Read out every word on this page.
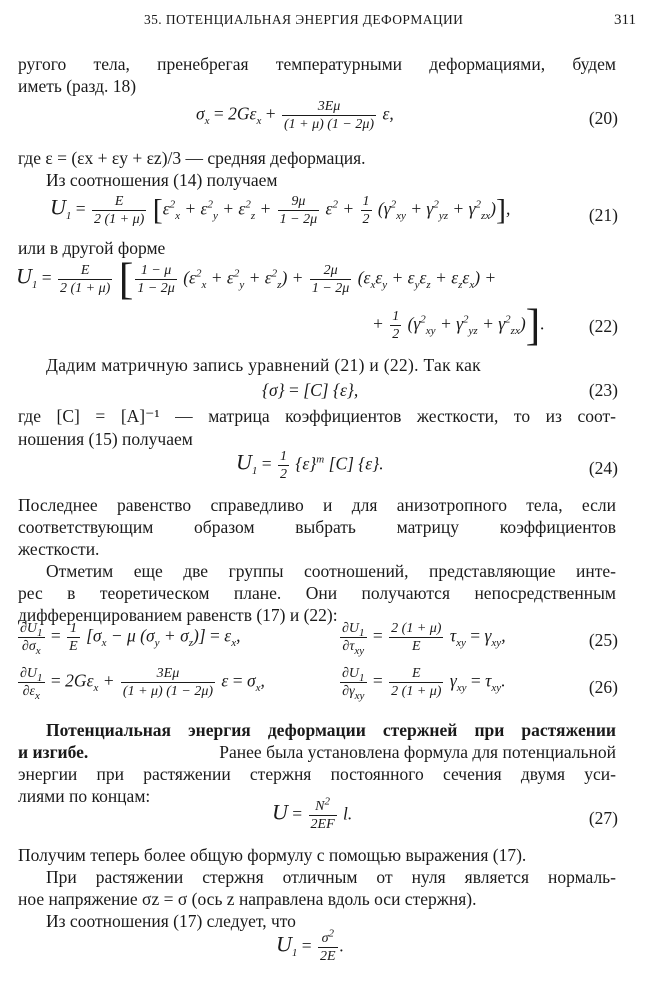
35. ПОТЕНЦИАЛЬНАЯ ЭНЕРГИЯ ДЕФОРМАЦИИ	311
ругого тела, пренебрегая температурными деформациями, будем
иметь (разд. 18)
$\sigma_x = 2G\varepsilon_x + \frac{3E\mu}{(1 + \mu) (1 - 2\mu)} \varepsilon$,	(20)
где ε = (εx + εy + εz)/3 — средняя деформация.
Из соотношения (14) получаем
$U_1 = \frac{E}{2 (1 + \mu)} [\varepsilon^2_x + \varepsilon^2_y + \varepsilon^2_z + \frac{9\mu}{1 - 2\mu} \varepsilon^2 + \frac{1}{2} (\gamma^2_{xy} + \gamma^2_{yz} + \gamma^2_{zx})]$,	(21)
или в другой форме
$U_1 = \frac{E}{2 (1 + \mu)}$ [ $\frac{1 - \mu}{1 - 2\mu} (\varepsilon^2_x + \varepsilon^2_y + \varepsilon^2_z) + \frac{2\mu}{1 - 2\mu} (\varepsilon_x\varepsilon_y + \varepsilon_y\varepsilon_z + \varepsilon_z\varepsilon_x)$ +
+ $\frac{1}{2} (\gamma^2_{xy} + \gamma^2_{yz} + \gamma^2_{zx})$].	(22)
Дадим матричную запись уравнений (21) и (22). Так как
{σ} = [C] {ε},	(23)
где [C] = [A]⁻¹ — матрица коэффициентов жесткости, то из соот-
ношения (15) получаем
$U_1 = \frac{1}{2} \{\varepsilon\}^т$ [C] {ε}.	(24)
Последнее равенство справедливо и для анизотропного тела, если
соответствующим образом выбрать матрицу коэффициентов
жесткости.
Отметим еще две группы соотношений, представляющие инте-
рес в теоретическом плане. Они получаются непосредственным
дифференцированием равенств (17) и (22):
$\frac{\partial U_1}{\partial\sigma_x} = \frac{1}{E} [\sigma_x - \mu$ $(\sigma_y + \sigma_z)] = \varepsilon_x$,	$\frac{\partial U_1}{\partial\tau_{xy}} = \frac{2 (1 + \mu)}{E} \tau_{xy} = \gamma_{xy}$,	(25)
$\frac{\partial U_1}{\partial\varepsilon_x} = 2G\varepsilon_x + \frac{3E\mu}{(1 + \mu) (1 - 2\mu)}$ $\varepsilon = \sigma_x$,	$\frac{\partial U_1}{\partial\gamma_{xy}} = \frac{E}{2 (1 + \mu)} \gamma_{xy} = \tau_{xy}$.	(26)
Потенциальная энергия деформации стержней при растяжении
и изгибе.	Ранее была установлена формула для потенциальной
энергии при растяжении стержня постоянного сечения двумя уси-
лиями по концам:
$U = \frac{N^2}{2EF} l$.	(27)
Получим теперь более общую формулу с помощью выражения (17).
При растяжении стержня отличным от нуля является нормаль-
ное напряжение σz = σ (ось z направлена вдоль оси стержня).
Из соотношения (17) следует, что
$U_1 = \frac{\sigma^2}{2E}$ .
